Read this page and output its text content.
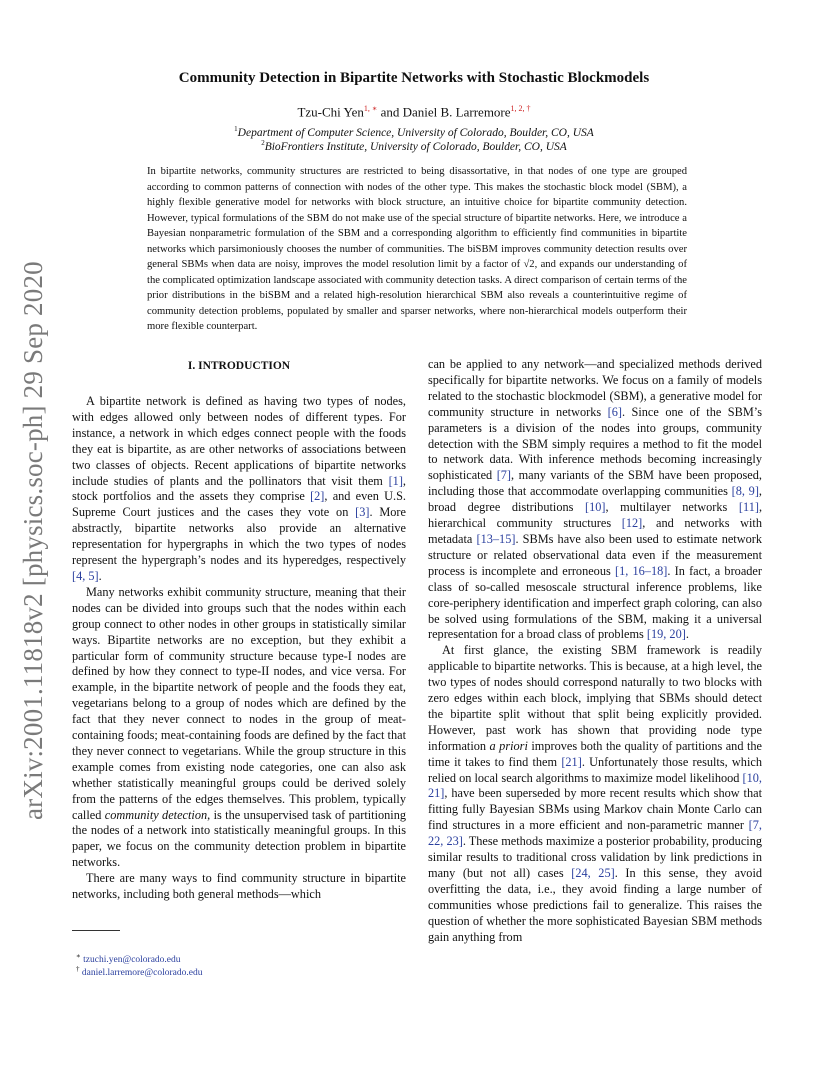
arXiv:2001.11818v2 [physics.soc-ph] 29 Sep 2020
Community Detection in Bipartite Networks with Stochastic Blockmodels
Tzu-Chi Yen$^{1, ∗}$ and Daniel B. Larremore$^{1, 2, \dagger}$
$^1$Department of Computer Science, University of Colorado, Boulder, CO, USA
$^2$BioFrontiers Institute, University of Colorado, Boulder, CO, USA
In bipartite networks, community structures are restricted to being disassortative, in that nodes of one type are grouped according to common patterns of connection with nodes of the other type. This makes the stochastic block model (SBM), a highly flexible generative model for networks with block structure, an intuitive choice for bipartite community detection. However, typical formulations of the SBM do not make use of the special structure of bipartite networks. Here, we introduce a Bayesian nonparametric formulation of the SBM and a corresponding algorithm to efficiently find communities in bipartite networks which parsimoniously chooses the number of communities. The biSBM improves community detection results over general SBMs when data are noisy, improves the model resolution limit by a factor of √2, and expands our understanding of the complicated optimization landscape associated with community detection tasks. A direct comparison of certain terms of the prior distributions in the biSBM and a related high-resolution hierarchical SBM also reveals a counterintuitive regime of community detection problems, populated by smaller and sparser networks, where non-hierarchical models outperform their more flexible counterpart.
I. INTRODUCTION

A bipartite network is defined as having two types of nodes, with edges allowed only between nodes of different types. For instance, a network in which edges connect people with the foods they eat is bipartite, as are other networks of associations between two classes of objects. Recent applications of bipartite networks include studies of plants and the pollinators that visit them [1], stock portfolios and the assets they comprise [2], and even U.S. Supreme Court justices and the cases they vote on [3]. More abstractly, bipartite networks also provide an alternative representation for hypergraphs in which the two types of nodes represent the hypergraph’s nodes and its hyperedges, respectively [4, 5].

Many networks exhibit community structure, meaning that their nodes can be divided into groups such that the nodes within each group connect to other nodes in other groups in statistically similar ways. Bipartite networks are no exception, but they exhibit a particular form of community structure because type-I nodes are defined by how they connect to type-II nodes, and vice versa. For example, in the bipartite network of people and the foods they eat, vegetarians belong to a group of nodes which are defined by the fact that they never connect to nodes in the group of meat-containing foods; meat-containing foods are defined by the fact that they never connect to vegetarians. While the group structure in this example comes from existing node categories, one can also ask whether statistically meaningful groups could be derived solely from the patterns of the edges themselves. This problem, typically called community detection, is the unsupervised task of partitioning the nodes of a network into statistically meaningful groups. In this paper, we focus on the community detection problem in bipartite networks.

There are many ways to find community structure in bipartite networks, including both general methods—which

can be applied to any network—and specialized methods derived specifically for bipartite networks. We focus on a family of models related to the stochastic blockmodel (SBM), a generative model for community structure in networks [6]. Since one of the SBM’s parameters is a division of the nodes into groups, community detection with the SBM simply requires a method to fit the model to network data. With inference methods becoming increasingly sophisticated [7], many variants of the SBM have been proposed, including those that accommodate overlapping communities [8, 9], broad degree distributions [10], multilayer networks [11], hierarchical community structures [12], and networks with metadata [13–15]. SBMs have also been used to estimate network structure or related observational data even if the measurement process is incomplete and erroneous [1, 16–18]. In fact, a broader class of so-called mesoscale structural inference problems, like core-periphery identification and imperfect graph coloring, can also be solved using formulations of the SBM, making it a universal representation for a broad class of problems [19, 20].

At first glance, the existing SBM framework is readily applicable to bipartite networks. This is because, at a high level, the two types of nodes should correspond naturally to two blocks with zero edges within each block, implying that SBMs should detect the bipartite split without that split being explicitly provided. However, past work has shown that providing node type information a priori improves both the quality of partitions and the time it takes to find them [21]. Unfortunately those results, which relied on local search algorithms to maximize model likelihood [10, 21], have been superseded by more recent results which show that fitting fully Bayesian SBMs using Markov chain Monte Carlo can find structures in a more efficient and non-parametric manner [7, 22, 23]. These methods maximize a posterior probability, producing similar results to traditional cross validation by link predictions in many (but not all) cases [24, 25]. In this sense, they avoid overfitting the data, i.e., they avoid finding a large number of communities whose predictions fail to generalize. This raises the question of whether the more sophisticated Bayesian SBM methods gain anything from

∗ tzuchi.yen@colorado.edu
† daniel.larremore@colorado.edu
